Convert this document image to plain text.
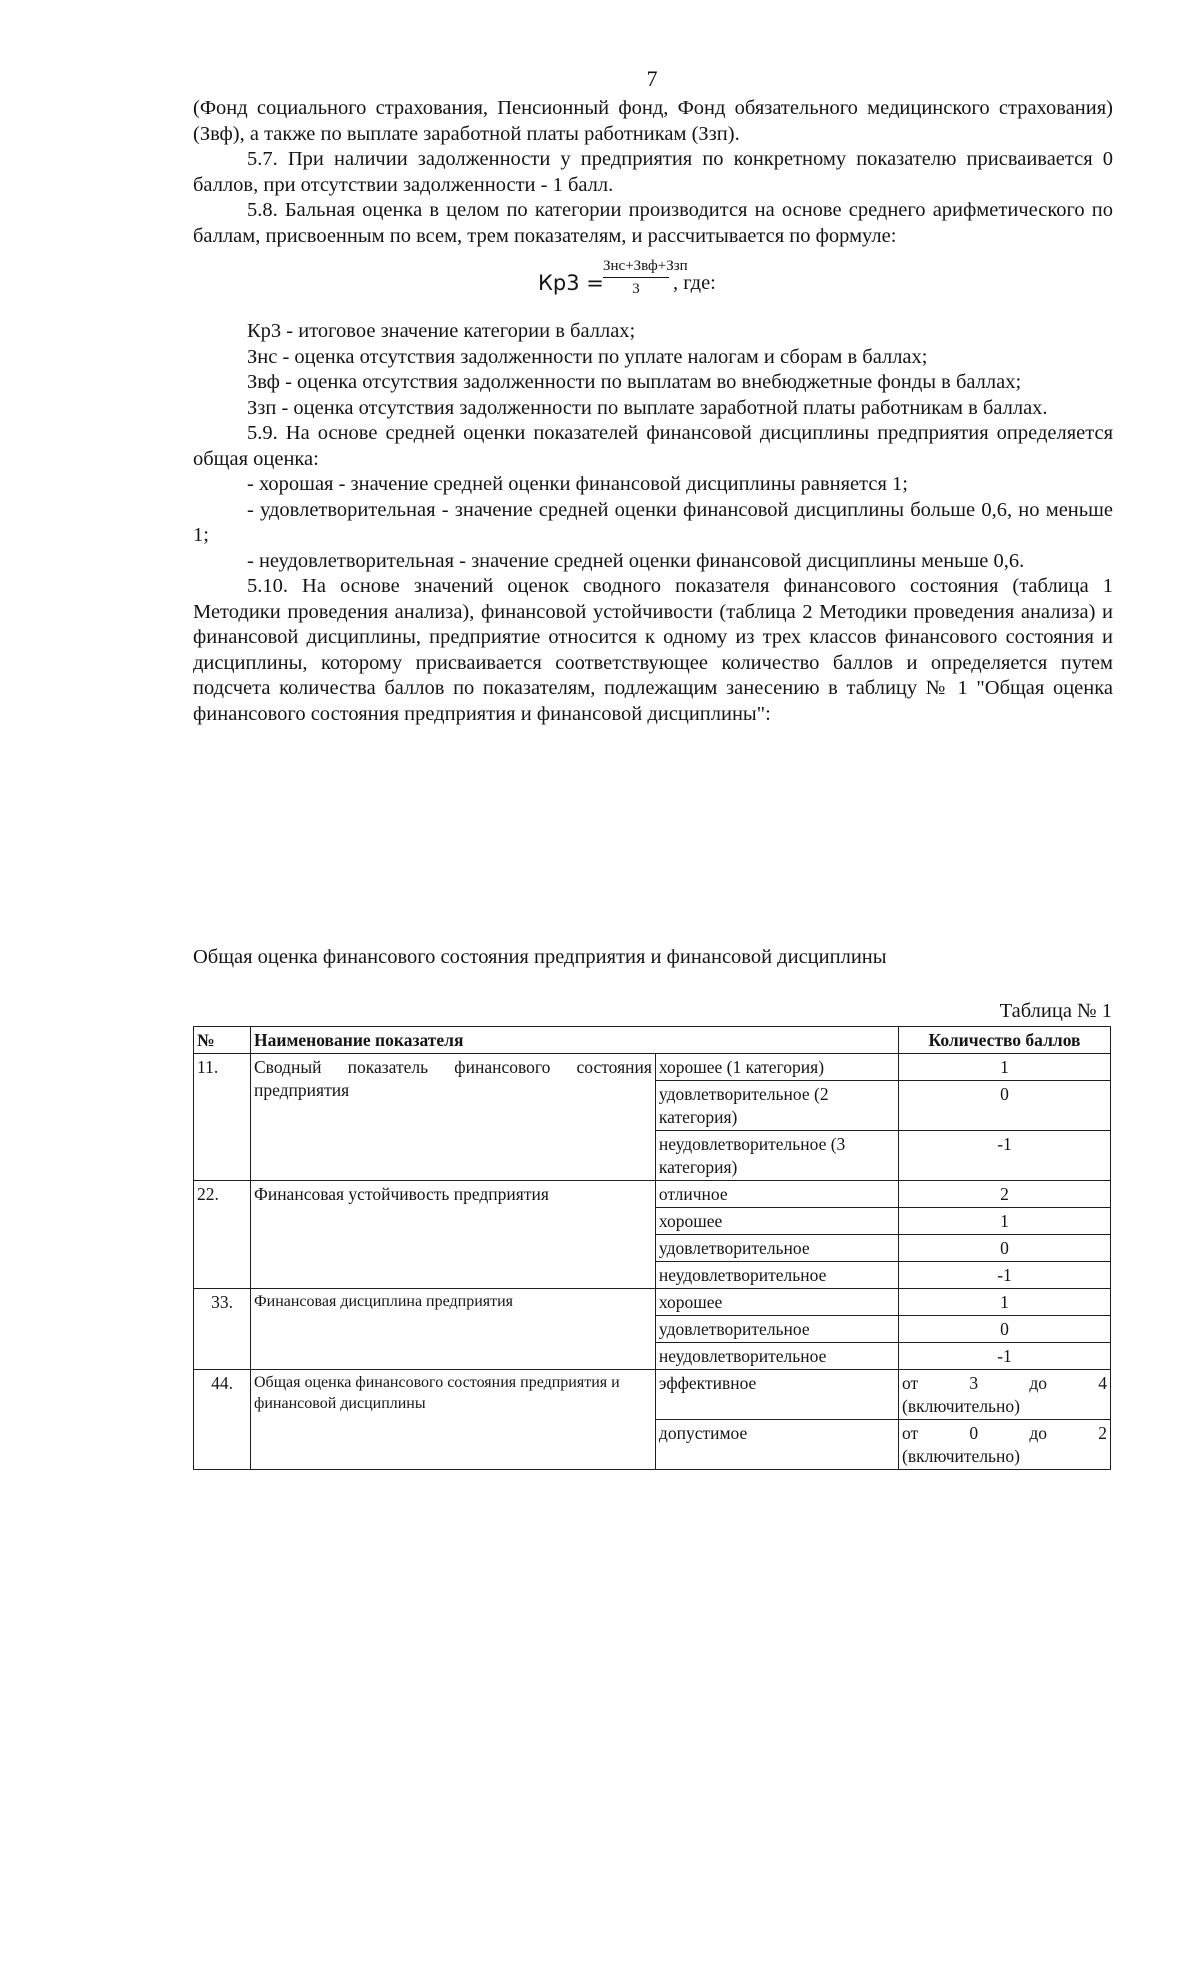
7

(Фонд социального страхования, Пенсионный фонд, Фонд обязательного медицинского страхования) (Звф), а также по выплате заработной платы работникам (Ззп).

5.7. При наличии задолженности у предприятия по конкретному показателю присваивается 0 баллов, при отсутствии задолженности - 1 балл.

5.8. Бальная оценка в целом по категории производится на основе среднего арифметического по баллам, присвоенным по всем, трем показателям, и рассчитывается по формуле:

Кр3 =
Знс+Звф+Ззп
3	, где:

Кр3 - итоговое значение категории в баллах;

Знс - оценка отсутствия задолженности по уплате налогам и сборам в баллах;

Звф - оценка отсутствия задолженности по выплатам во внебюджетные фонды в баллах;

Ззп - оценка отсутствия задолженности по выплате заработной платы работникам в баллах.

5.9. На основе средней оценки показателей финансовой дисциплины предприятия определяется общая оценка:

- хорошая - значение средней оценки финансовой дисциплины равняется 1;

- удовлетворительная - значение средней оценки финансовой дисциплины больше 0,6, но меньше 1;

- неудовлетворительная - значение средней оценки финансовой дисциплины меньше 0,6.

5.10. На основе значений оценок сводного показателя финансового состояния (таблица 1 Методики проведения анализа), финансовой устойчивости (таблица 2 Методики проведения анализа) и финансовой дисциплины, предприятие относится к одному из трех классов финансового состояния и дисциплины, которому присваивается соответствующее количество баллов и определяется путем подсчета количества баллов по показателям, подлежащим занесению в таблицу № 1 "Общая оценка финансового состояния предприятия и финансовой дисциплины":

Общая оценка финансового состояния предприятия и финансовой дисциплины
Таблица № 1
№	Наименование показателя		Количество баллов
11.	Сводный показатель финансового состояния предприятия	хорошее (1 категория)	1
		удовлетворительное (2 категория)	0
		неудовлетворительное (3 категория)	-1
22.	Финансовая устойчивость предприятия	отличное	2
		хорошее	1
		удовлетворительное	0
		неудовлетворительное	-1
33.	Финансовая дисциплина предприятия	хорошее	1
		удовлетворительное	0
		неудовлетворительное	-1
44.	Общая оценка финансового состояния предприятия и финансовой дисциплины	эффективное	от 3 до 4
(включительно)

		допустимое	от 0 до 2
(включительно)
